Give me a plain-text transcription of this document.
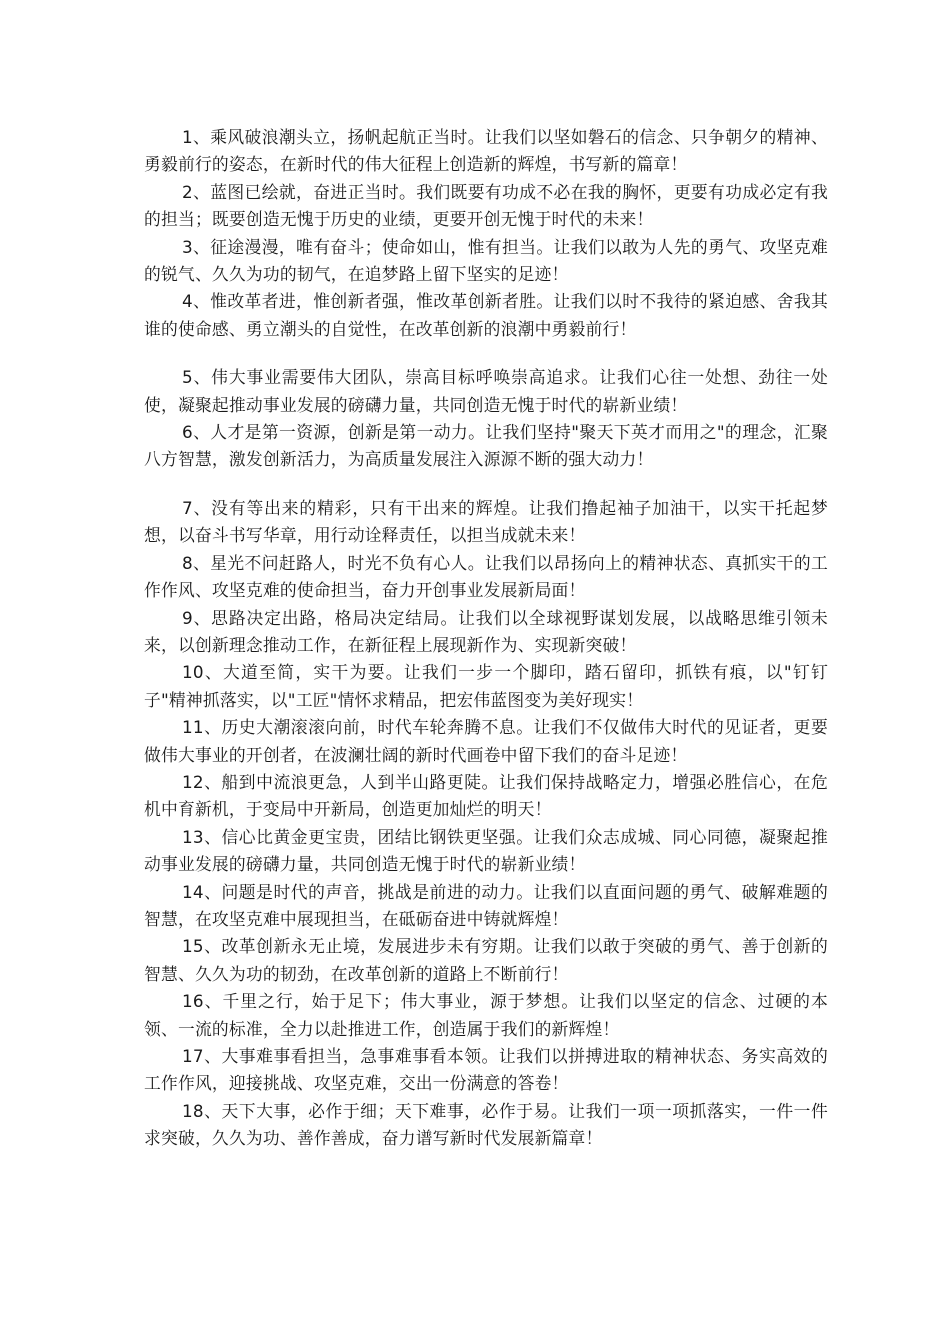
1、乘风破浪潮头立，扬帆起航正当时。让我们以坚如磐石的信念、只争朝夕的精神、勇毅前行的姿态，在新时代的伟大征程上创造新的辉煌，书写新的篇章！

2、蓝图已绘就，奋进正当时。我们既要有功成不必在我的胸怀，更要有功成必定有我的担当；既要创造无愧于历史的业绩，更要开创无愧于时代的未来！

3、征途漫漫，唯有奋斗；使命如山，惟有担当。让我们以敢为人先的勇气、攻坚克难的锐气、久久为功的韧气，在追梦路上留下坚实的足迹！

4、惟改革者进，惟创新者强，惟改革创新者胜。让我们以时不我待的紧迫感、舍我其谁的使命感、勇立潮头的自觉性，在改革创新的浪潮中勇毅前行！

5、伟大事业需要伟大团队，崇高目标呼唤崇高追求。让我们心往一处想、劲往一处使，凝聚起推动事业发展的磅礴力量，共同创造无愧于时代的崭新业绩！

6、人才是第一资源，创新是第一动力。让我们坚持"聚天下英才而用之"的理念，汇聚八方智慧，激发创新活力，为高质量发展注入源源不断的强大动力！

7、没有等出来的精彩，只有干出来的辉煌。让我们撸起袖子加油干，以实干托起梦想，以奋斗书写华章，用行动诠释责任，以担当成就未来！

8、星光不问赶路人，时光不负有心人。让我们以昂扬向上的精神状态、真抓实干的工作作风、攻坚克难的使命担当，奋力开创事业发展新局面！

9、思路决定出路，格局决定结局。让我们以全球视野谋划发展，以战略思维引领未来，以创新理念推动工作，在新征程上展现新作为、实现新突破！

10、大道至简，实干为要。让我们一步一个脚印，踏石留印，抓铁有痕，以"钉钉子"精神抓落实，以"工匠"情怀求精品，把宏伟蓝图变为美好现实！

11、历史大潮滚滚向前，时代车轮奔腾不息。让我们不仅做伟大时代的见证者，更要做伟大事业的开创者，在波澜壮阔的新时代画卷中留下我们的奋斗足迹！

12、船到中流浪更急，人到半山路更陡。让我们保持战略定力，增强必胜信心，在危机中育新机，于变局中开新局，创造更加灿烂的明天！

13、信心比黄金更宝贵，团结比钢铁更坚强。让我们众志成城、同心同德，凝聚起推动事业发展的磅礴力量，共同创造无愧于时代的崭新业绩！

14、问题是时代的声音，挑战是前进的动力。让我们以直面问题的勇气、破解难题的智慧，在攻坚克难中展现担当，在砥砺奋进中铸就辉煌！

15、改革创新永无止境，发展进步未有穷期。让我们以敢于突破的勇气、善于创新的智慧、久久为功的韧劲，在改革创新的道路上不断前行！

16、千里之行，始于足下；伟大事业，源于梦想。让我们以坚定的信念、过硬的本领、一流的标准，全力以赴推进工作，创造属于我们的新辉煌！

17、大事难事看担当，急事难事看本领。让我们以拼搏进取的精神状态、务实高效的工作作风，迎接挑战、攻坚克难，交出一份满意的答卷！

18、天下大事，必作于细；天下难事，必作于易。让我们一项一项抓落实，一件一件求突破，久久为功、善作善成，奋力谱写新时代发展新篇章！
